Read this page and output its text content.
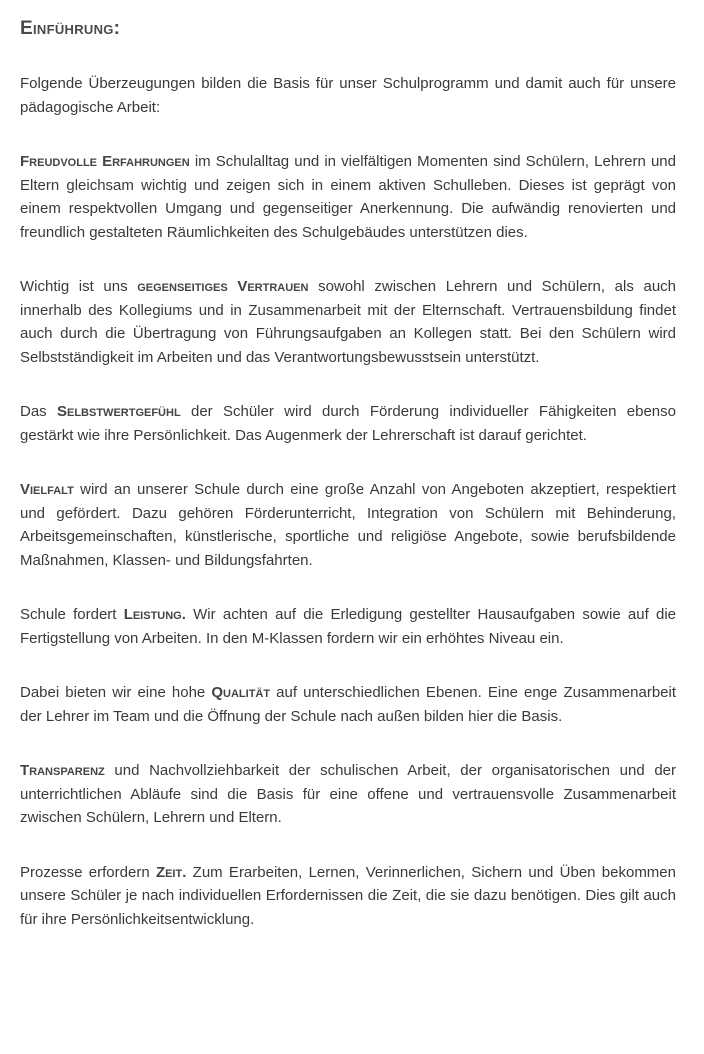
Einführung:

Folgende Überzeugungen bilden die Basis für unser Schulprogramm und damit auch für unsere pädagogische Arbeit:

Freudvolle Erfahrungen im Schulalltag und in vielfältigen Momenten sind Schülern, Lehrern und Eltern gleichsam wichtig und zeigen sich in einem aktiven Schulleben. Dieses ist geprägt von einem respektvollen Umgang und gegenseitiger Anerkennung. Die aufwändig renovierten und freundlich gestalteten Räumlichkeiten des Schulgebäudes unterstützen dies.

Wichtig ist uns gegenseitiges Vertrauen sowohl zwischen Lehrern und Schülern, als auch innerhalb des Kollegiums und in Zusammenarbeit mit der Elternschaft. Vertrauensbildung findet auch durch die Übertragung von Führungsaufgaben an Kollegen statt. Bei den Schülern wird Selbstständigkeit im Arbeiten und das Verantwortungsbewusstsein unterstützt.

Das Selbstwertgefühl der Schüler wird durch Förderung individueller Fähigkeiten ebenso gestärkt wie ihre Persönlichkeit. Das Augenmerk der Lehrerschaft ist darauf gerichtet.

Vielfalt wird an unserer Schule durch eine große Anzahl von Angeboten akzeptiert, respektiert und gefördert. Dazu gehören Förderunterricht, Integration von Schülern mit Behinderung, Arbeitsgemeinschaften, künstlerische, sportliche und religiöse Angebote, sowie berufsbildende Maßnahmen, Klassen- und Bildungsfahrten.

Schule fordert Leistung. Wir achten auf die Erledigung gestellter Hausaufgaben sowie auf die Fertigstellung von Arbeiten. In den M-Klassen fordern wir ein erhöhtes Niveau ein.

Dabei bieten wir eine hohe Qualität auf unterschiedlichen Ebenen. Eine enge Zusammenarbeit der Lehrer im Team und die Öffnung der Schule nach außen bilden hier die Basis.

Transparenz und Nachvollziehbarkeit der schulischen Arbeit, der organisatorischen und der unterrichtlichen Abläufe sind die Basis für eine offene und vertrauensvolle Zusammenarbeit zwischen Schülern, Lehrern und Eltern.

Prozesse erfordern Zeit. Zum Erarbeiten, Lernen, Verinnerlichen, Sichern und Üben bekommen unsere Schüler je nach individuellen Erfordernissen die Zeit, die sie dazu benötigen. Dies gilt auch für ihre Persönlichkeitsentwicklung.
